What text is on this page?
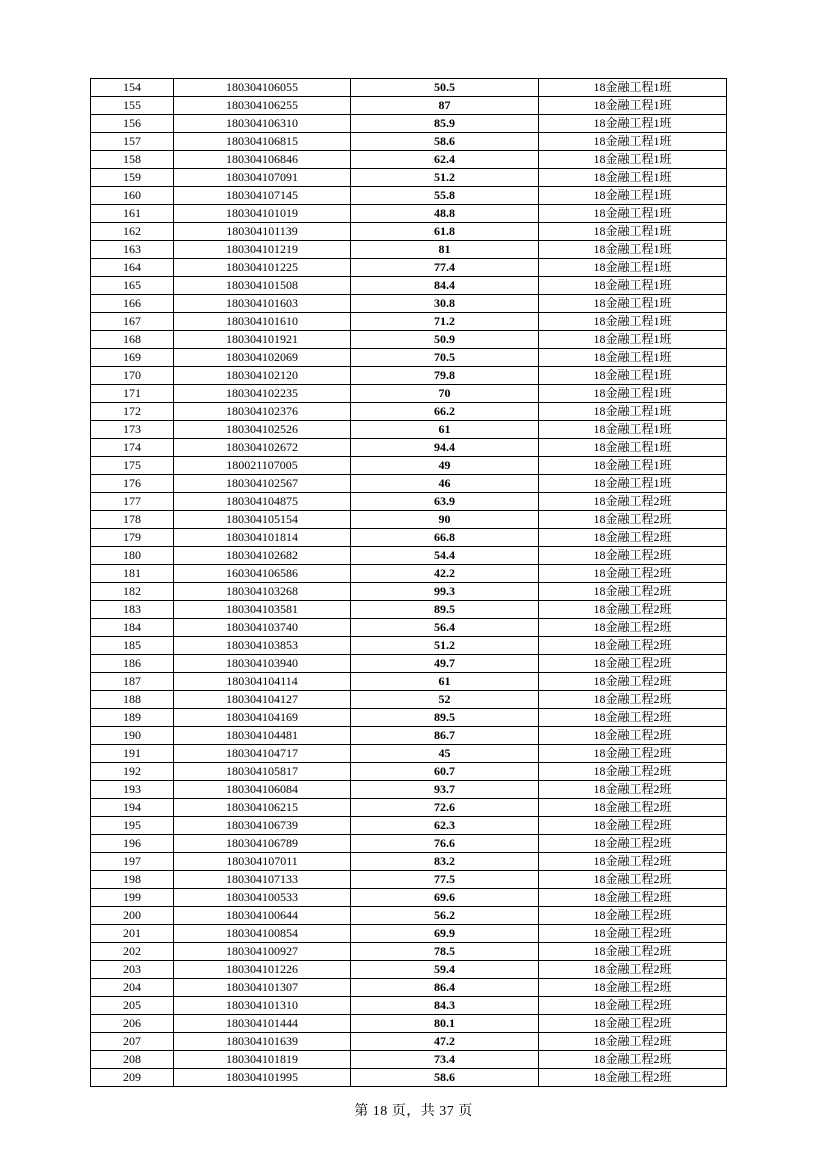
154	180304106055	50.5	18金融工程1班
155	180304106255	87	18金融工程1班
156	180304106310	85.9	18金融工程1班
157	180304106815	58.6	18金融工程1班
158	180304106846	62.4	18金融工程1班
159	180304107091	51.2	18金融工程1班
160	180304107145	55.8	18金融工程1班
161	180304101019	48.8	18金融工程1班
162	180304101139	61.8	18金融工程1班
163	180304101219	81	18金融工程1班
164	180304101225	77.4	18金融工程1班
165	180304101508	84.4	18金融工程1班
166	180304101603	30.8	18金融工程1班
167	180304101610	71.2	18金融工程1班
168	180304101921	50.9	18金融工程1班
169	180304102069	70.5	18金融工程1班
170	180304102120	79.8	18金融工程1班
171	180304102235	70	18金融工程1班
172	180304102376	66.2	18金融工程1班
173	180304102526	61	18金融工程1班
174	180304102672	94.4	18金融工程1班
175	180021107005	49	18金融工程1班
176	180304102567	46	18金融工程1班
177	180304104875	63.9	18金融工程2班
178	180304105154	90	18金融工程2班
179	180304101814	66.8	18金融工程2班
180	180304102682	54.4	18金融工程2班
181	160304106586	42.2	18金融工程2班
182	180304103268	99.3	18金融工程2班
183	180304103581	89.5	18金融工程2班
184	180304103740	56.4	18金融工程2班
185	180304103853	51.2	18金融工程2班
186	180304103940	49.7	18金融工程2班
187	180304104114	61	18金融工程2班
188	180304104127	52	18金融工程2班
189	180304104169	89.5	18金融工程2班
190	180304104481	86.7	18金融工程2班
191	180304104717	45	18金融工程2班
192	180304105817	60.7	18金融工程2班
193	180304106084	93.7	18金融工程2班
194	180304106215	72.6	18金融工程2班
195	180304106739	62.3	18金融工程2班
196	180304106789	76.6	18金融工程2班
197	180304107011	83.2	18金融工程2班
198	180304107133	77.5	18金融工程2班
199	180304100533	69.6	18金融工程2班
200	180304100644	56.2	18金融工程2班
201	180304100854	69.9	18金融工程2班
202	180304100927	78.5	18金融工程2班
203	180304101226	59.4	18金融工程2班
204	180304101307	86.4	18金融工程2班
205	180304101310	84.3	18金融工程2班
206	180304101444	80.1	18金融工程2班
207	180304101639	47.2	18金融工程2班
208	180304101819	73.4	18金融工程2班
209	180304101995	58.6	18金融工程2班
第 18 页，共 37 页
